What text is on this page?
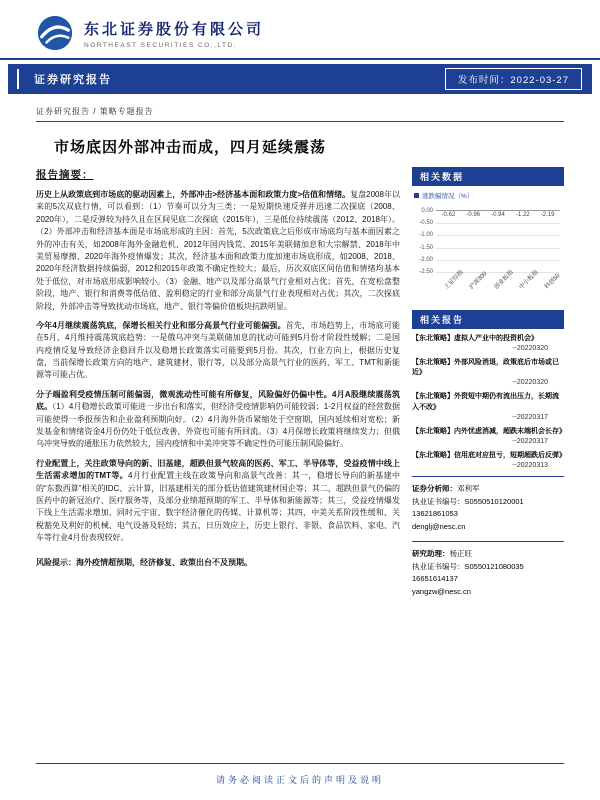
东北证券股份有限公司
NORTHEAST SECURITIES CO.,LTD.
证券研究报告	发布时间：2022-03-27
证券研究报告 / 策略专题报告
市场底因外部冲击而成，四月延续震荡
报告摘要：

历史上从政策底到市场底的驱动因素上，外部冲击>经济基本面和政策力度>估值和情绪。复盘2008年以来的5次双底行情，可以看到：（1）节奏可以分为三类：一是短期快速反弹并迅速二次探底（2008、2020年），二是反弹较为持久且在区间见底二次探底（2015年），三是低位持续震荡（2012、2018年）。（2）外部冲击和经济基本面是市场底形成的主因：首先，5次政策底之后形成市场底均与基本面因素之外的冲击有关，如2008年海外金融危机、2012年国内钱荒、2015年美联储加息和大宗解禁、2018年中美贸易摩擦、2020年海外疫情爆发；其次，经济基本面和政策力度加速市场底形成，如2008、2018、2020年经济数据持续偏弱，2012和2015年政策不确定性较大；最后，历次双底区间估值和情绪均基本处于低位，对市场底形成影响较小。（3）金融、地产以及部分高景气行业相对占优；首先，在宽松盘整阶段，地产、银行和消费等低估值、盈利稳定的行业和部分高景气行业表现相对占优；其次，二次探底阶段，外部冲击等导致扰动市场底，地产、银行等偏价值板块抗跌明显。

今年4月继续震荡筑底，保增长相关行业和部分高景气行业可能偏强。首先，市场趋势上，市场底可能在5月，4月维持震荡筑底趋势：一是俄乌冲突与美联储加息的扰动可能到5月份才阶段性缓解；二是国内疫情反复导致经济企稳回升以及稳增长政策落实可能要到5月份。其次，行业方向上，根据历史复盘，当前保增长政策方向的地产、建筑建材、银行等，以及部分高景气行业的医药、军工、TMT和新能源等可能占优。

分子端盈利受疫情压制可能偏弱，微观流动性可能有所修复，风险偏好仍偏中性。4月A股继续震荡筑底。（1）4月稳增长政策可能进一步出台和落实，但经济受疫情影响仍可能较弱；1-2月权益的经营数据可能使得一季报预告和企业盈利预期向好。（2）4月海外货币紧缩处于空窗期，国内延续相对宽松；新发基金和情绪资金4月份仍处于低位改善，外资也可能有所回流。（3）4月保增长政策将继续发力；但俄乌冲突导致的通胀压力依然较大，国内疫情和中美冲突等不确定性仍可能压制风险偏好。

行业配置上，关注政策导向的新、旧基建，超跌但景气较高的医药、军工、半导体等，受益疫情中线上生活需求增加的TMT等。4月行业配置主线在政策导向和高景气改善：其一，稳增长导向的新基建中的“东数西算”相关的IDC、云计算，旧基建相关的部分低估值建筑建材国企等；其二，超跌但景气仍偏的医药中的新冠治疗、医疗服务等，及部分业绩超预期的军工、半导体和新能源等；其三，受益疫情爆发下线上生活需求增加，同时元宇宙、数字经济催化的传媒、计算机等；其四，中美关系阶段性缓和、关税豁免及利好的机械、电气设备及轻纺；其五，日历效应上，历史上银行、非银、食品饮料、家电、汽车等行业4月份表现较好。

风险提示：海外疫情超预期，经济修复、政策出台不及预期。

相关数据
涨跌幅情况（%）
-0.62 -0.96 -0.94 -1.22 -2.19
0.00
-0.50
-1.00
-1.50
-2.00
-2.50	上证综指 沪深300 创业板指 中小板指 科创50
相关报告
【东北策略】虚拟人产业中的投资机会》
--20220320
【东北策略】外部风险消退，政策底后市场或已近》
--20220320
【东北策略】外资短中期仍有流出压力，长期流入不改》
--20220317
【东北策略】内外忧虑消减，超跌末端机会长存》
--20220317
【东北策略】信用底对应扭亏，短期超跌后反弹》
--20220313
证券分析师：邓利军
执业证书编号：S0550510120001
13621861053
denglj@nesc.cn
研究助理：杨正旺
执业证书编号：S0550121080035
16651614137
yangzw@nesc.cn
请务必阅读正文后的声明及说明
